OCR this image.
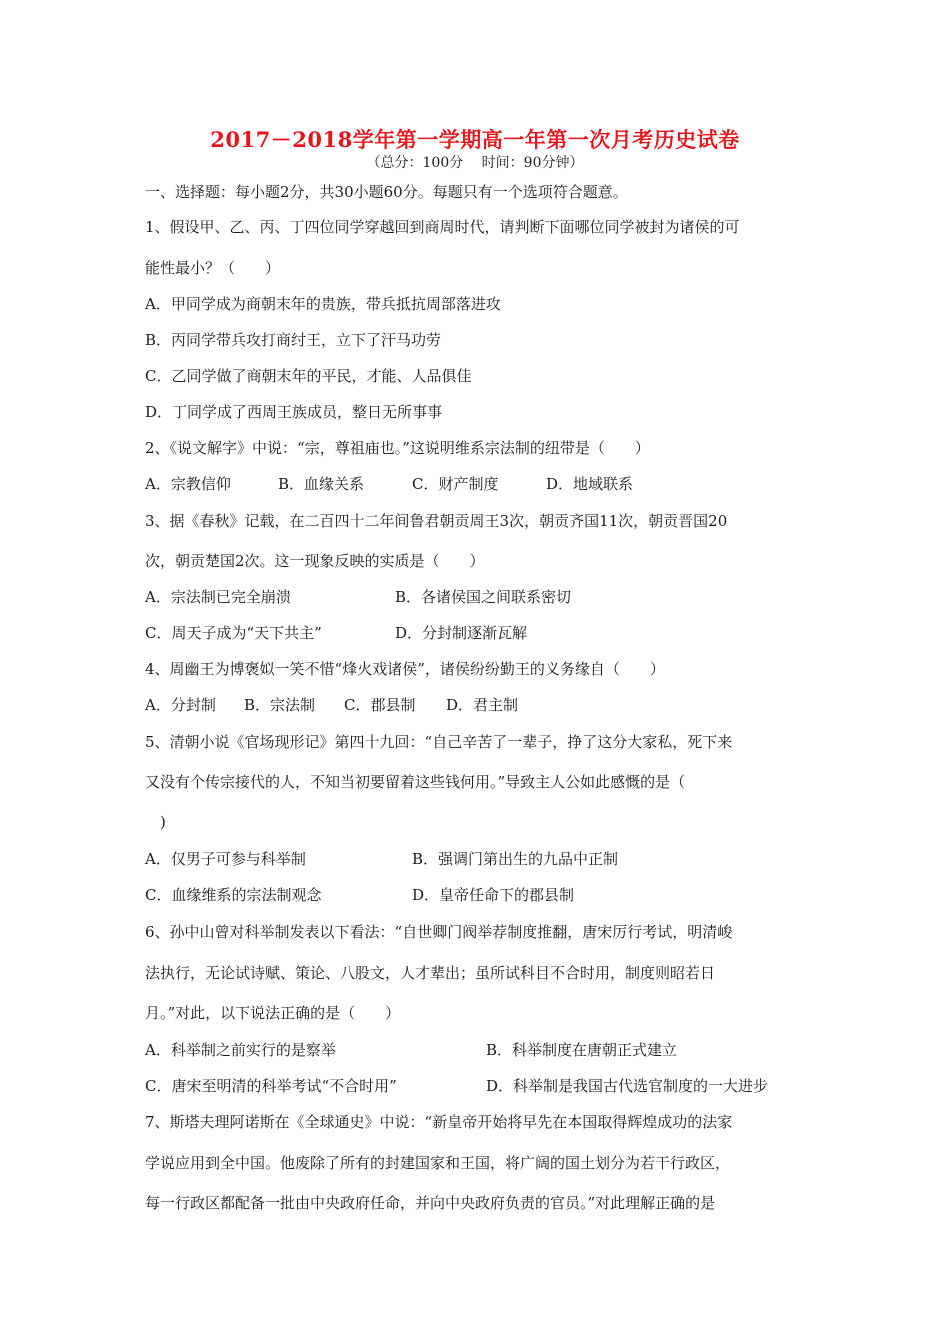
2017－2018学年第一学期高一年第一次月考历史试卷
（总分：100分　 时间：90分钟）
一、选择题：每小题2分，共30小题60分。每题只有一个选项符合题意。
1、假设甲、乙、丙、丁四位同学穿越回到商周时代，请判断下面哪位同学被封为诸侯的可
能性最小？（　　）
A．甲同学成为商朝末年的贵族，带兵抵抗周部落进攻
B．丙同学带兵攻打商纣王，立下了汗马功劳
C．乙同学做了商朝末年的平民，才能、人品俱佳
D．丁同学成了西周王族成员，整日无所事事
2、《说文解字》中说：“宗，尊祖庙也。”这说明维系宗法制的纽带是（　　）
A．宗教信仰	B．血缘关系	C．财产制度	D．地域联系
3、据《春秋》记载，在二百四十二年间鲁君朝贡周王3次，朝贡齐国11次，朝贡晋国20
次，朝贡楚国2次。这一现象反映的实质是（　　）
A．宗法制已完全崩溃	B．各诸侯国之间联系密切
C．周天子成为“天下共主”	D．分封制逐渐瓦解
4、周幽王为博褒姒一笑不惜“烽火戏诸侯”，诸侯纷纷勤王的义务缘自（　　）
A．分封制 B．宗法制 C．郡县制 D．君主制
5、清朝小说《官场现形记》第四十九回：“自己辛苦了一辈子，挣了这分大家私，死下来
又没有个传宗接代的人，不知当初要留着这些钱何用。”导致主人公如此感慨的是（
　)
A．仅男子可参与科举制	B．强调门第出生的九品中正制
C．血缘维系的宗法制观念	D．皇帝任命下的郡县制
6、孙中山曾对科举制发表以下看法：“自世卿门阀举荐制度推翻，唐宋厉行考试，明清峻
法执行，无论试诗赋、策论、八股文，人才辈出；虽所试科目不合时用，制度则昭若日
月。”对此，以下说法正确的是（　　）
A．科举制之前实行的是察举	B．科举制度在唐朝正式建立
C．唐宋至明清的科举考试“不合时用”	D．科举制是我国古代选官制度的一大进步
7、斯塔夫理阿诺斯在《全球通史》中说：“新皇帝开始将早先在本国取得辉煌成功的法家
学说应用到全中国。他废除了所有的封建国家和王国，将广阔的国土划分为若干行政区，
每一行政区都配备一批由中央政府任命，并向中央政府负责的官员。”对此理解正确的是
